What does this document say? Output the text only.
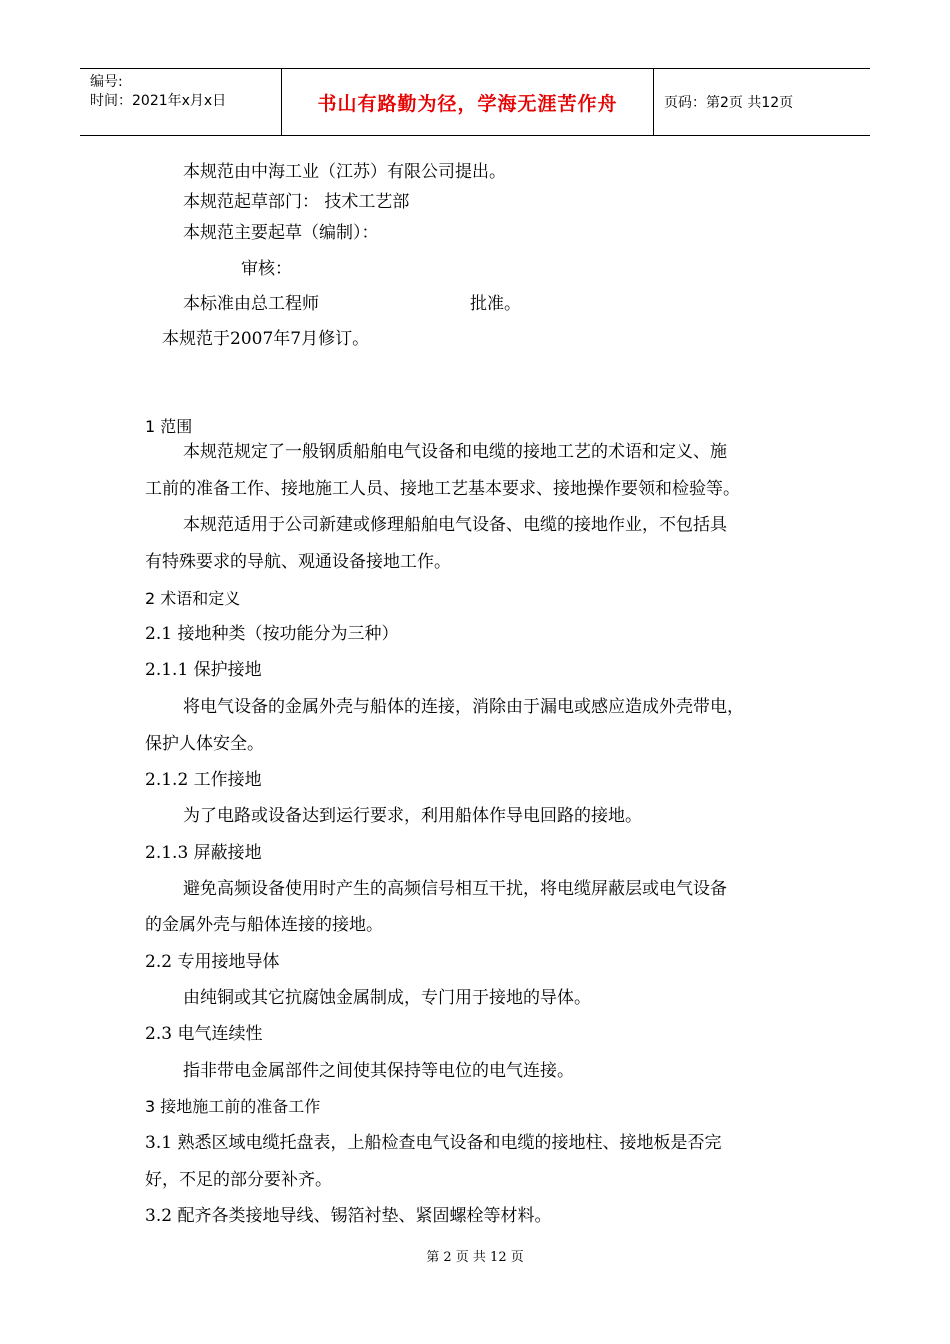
编号:
时间：2021年x月x日	书山有路勤为径，学海无涯苦作舟	页码：第2页 共12页
本规范由中海工业（江苏）有限公司提出。
本规范起草部门： 技术工艺部
本规范主要起草（编制）：
审核：
本标准由总工程师	批准。
本规范于2007年7月修订。
1 范围
本规范规定了一般钢质船舶电气设备和电缆的接地工艺的术语和定义、施
工前的准备工作、接地施工人员、接地工艺基本要求、接地操作要领和检验等。
本规范适用于公司新建或修理船舶电气设备、电缆的接地作业，不包括具
有特殊要求的导航、观通设备接地工作。
2 术语和定义
2.1 接地种类（按功能分为三种）
2.1.1 保护接地
将电气设备的金属外壳与船体的连接，消除由于漏电或感应造成外壳带电，
保护人体安全。
2.1.2 工作接地
为了电路或设备达到运行要求，利用船体作导电回路的接地。
2.1.3 屏蔽接地
避免高频设备使用时产生的高频信号相互干扰，将电缆屏蔽层或电气设备
的金属外壳与船体连接的接地。
2.2 专用接地导体
由纯铜或其它抗腐蚀金属制成，专门用于接地的导体。
2.3 电气连续性
指非带电金属部件之间使其保持等电位的电气连接。
3 接地施工前的准备工作
3.1 熟悉区域电缆托盘表，上船检查电气设备和电缆的接地柱、接地板是否完
好，不足的部分要补齐。
3.2 配齐各类接地导线、锡箔衬垫、紧固螺栓等材料。
第 2 页 共 12 页
